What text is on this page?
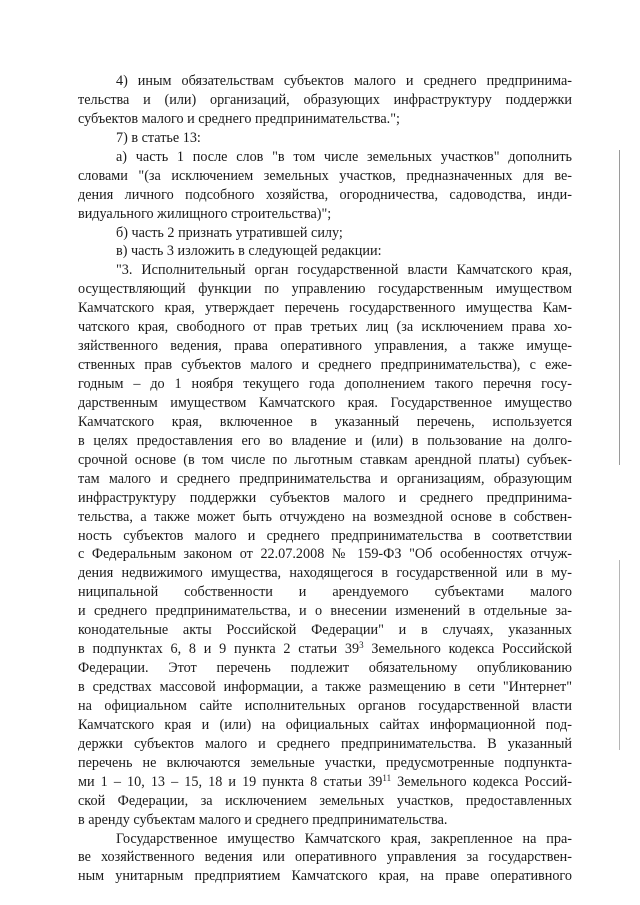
4) иным обязательствам субъектов малого и среднего предпринима-
тельства и (или) организаций, образующих инфраструктуру поддержки
субъектов малого и среднего предпринимательства.";
7) в статье 13:
а) часть 1 после слов "в том числе земельных участков" дополнить
словами "(за исключением земельных участков, предназначенных для ве-
дения личного подсобного хозяйства, огородничества, садоводства, инди-
видуального жилищного строительства)";
б) часть 2 признать утратившей силу;
в) часть 3 изложить в следующей редакции:
"3. Исполнительный орган государственной власти Камчатского края,
осуществляющий функции по управлению государственным имуществом
Камчатского края, утверждает перечень государственного имущества Кам-
чатского края, свободного от прав третьих лиц (за исключением права хо-
зяйственного ведения, права оперативного управления, а также имуще-
ственных прав субъектов малого и среднего предпринимательства), с еже-
годным – до 1 ноября текущего года дополнением такого перечня госу-
дарственным имуществом Камчатского края. Государственное имущество
Камчатского края, включенное в указанный перечень, используется
в целях предоставления его во владение и (или) в пользование на долго-
срочной основе (в том числе по льготным ставкам арендной платы) субъек-
там малого и среднего предпринимательства и организациям, образующим
инфраструктуру поддержки субъектов малого и среднего предпринима-
тельства, а также может быть отчуждено на возмездной основе в собствен-
ность субъектов малого и среднего предпринимательства в соответствии
с Федеральным законом от 22.07.2008 № 159-ФЗ "Об особенностях отчуж-
дения недвижимого имущества, находящегося в государственной или в му-
ниципальной собственности и арендуемого субъектами малого
и среднего предпринимательства, и о внесении изменений в отдельные за-
конодательные акты Российской Федерации" и в случаях, указанных
в подпунктах 6, 8 и 9 пункта 2 статьи $39^3$ Земельного кодекса Российской
Федерации. Этот перечень подлежит обязательному опубликованию
в средствах массовой информации, а также размещению в сети "Интернет"
на официальном сайте исполнительных органов государственной власти
Камчатского края и (или) на официальных сайтах информационной под-
держки субъектов малого и среднего предпринимательства. В указанный
перечень не включаются земельные участки, предусмотренные подпункта-
ми 1 – 10, 13 – 15, 18 и 19 пункта 8 статьи $39^{11}$ Земельного кодекса Россий-
ской Федерации, за исключением земельных участков, предоставленных
в аренду субъектам малого и среднего предпринимательства.
Государственное имущество Камчатского края, закрепленное на пра-
ве хозяйственного ведения или оперативного управления за государствен-
ным унитарным предприятием Камчатского края, на праве оперативного
